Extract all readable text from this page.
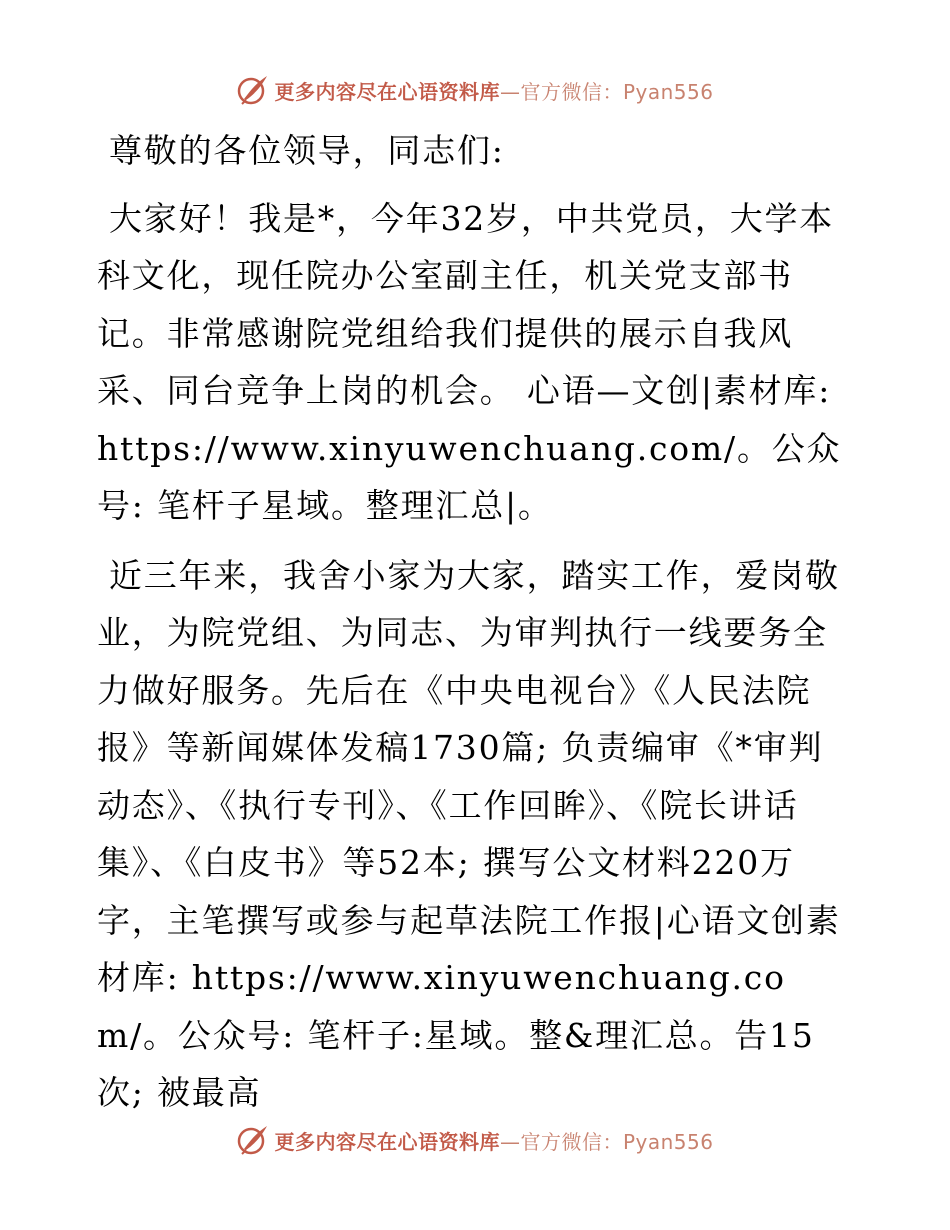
更多内容尽在心语资料库—官方微信：Pyan556

尊敬的各位领导，同志们:

大家好！我是*，今年32岁，中共党员，大学本科文化，现任院办公室副主任，机关党支部书记。非常感谢院党组给我们提供的展示自我风采、同台竞争上岗的机会。 心语—文创|素材库: https://www.xinyuwenchuang.com/。公众号: 笔杆子星域。整理汇总|。

近三年来，我舍小家为大家，踏实工作，爱岗敬业，为院党组、为同志、为审判执行一线要务全力做好服务。先后在《中央电视台》《人民法院报》等新闻媒体发稿1730篇; 负责编审《*审判动态》、《执行专刊》、《工作回眸》、《院长讲话集》、《白皮书》等52本; 撰写公文材料220万字，主笔撰写或参与起草法院工作报|心语文创素材库: https://www.xinyuwenchuang.com/。公众号: 笔杆子:星域。整&理汇总。告15次; 被最高

更多内容尽在心语资料库—官方微信：Pyan556
